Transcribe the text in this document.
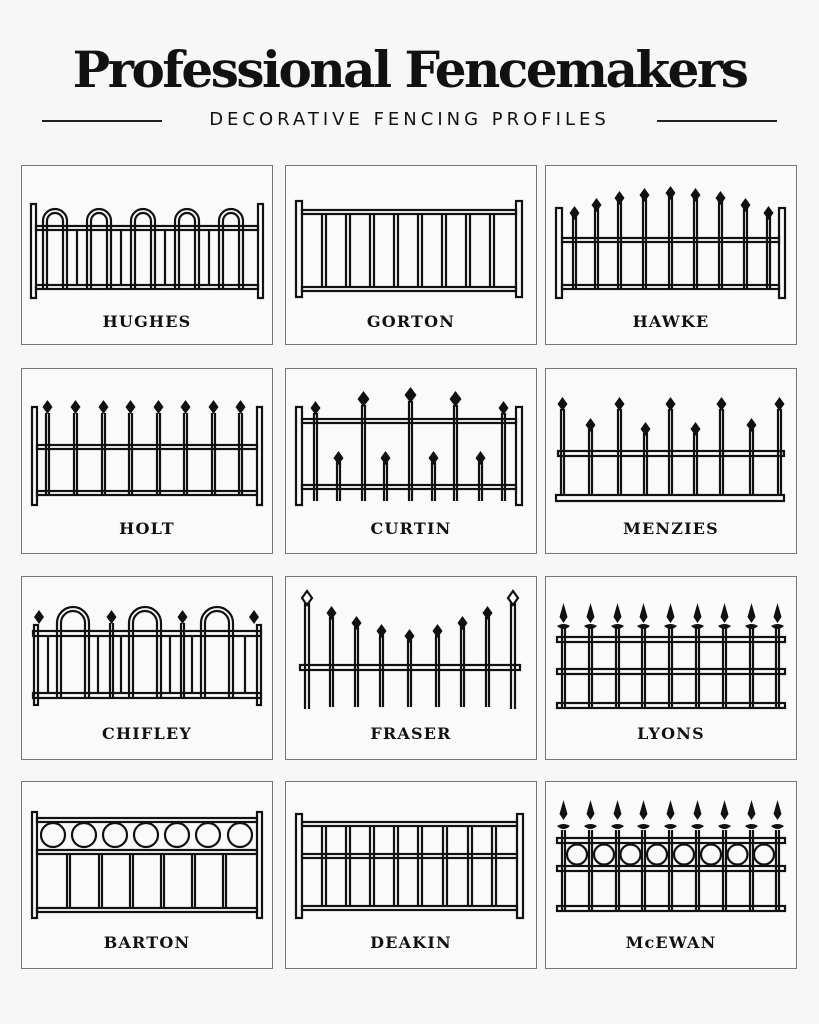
Professional Fencemakers
DECORATIVE FENCING PROFILES
HUGHES	GORTON	HAWKE
HOLT	CURTIN	MENZIES
CHIFLEY	FRASER	LYONS
BARTON	DEAKIN	McEWAN
